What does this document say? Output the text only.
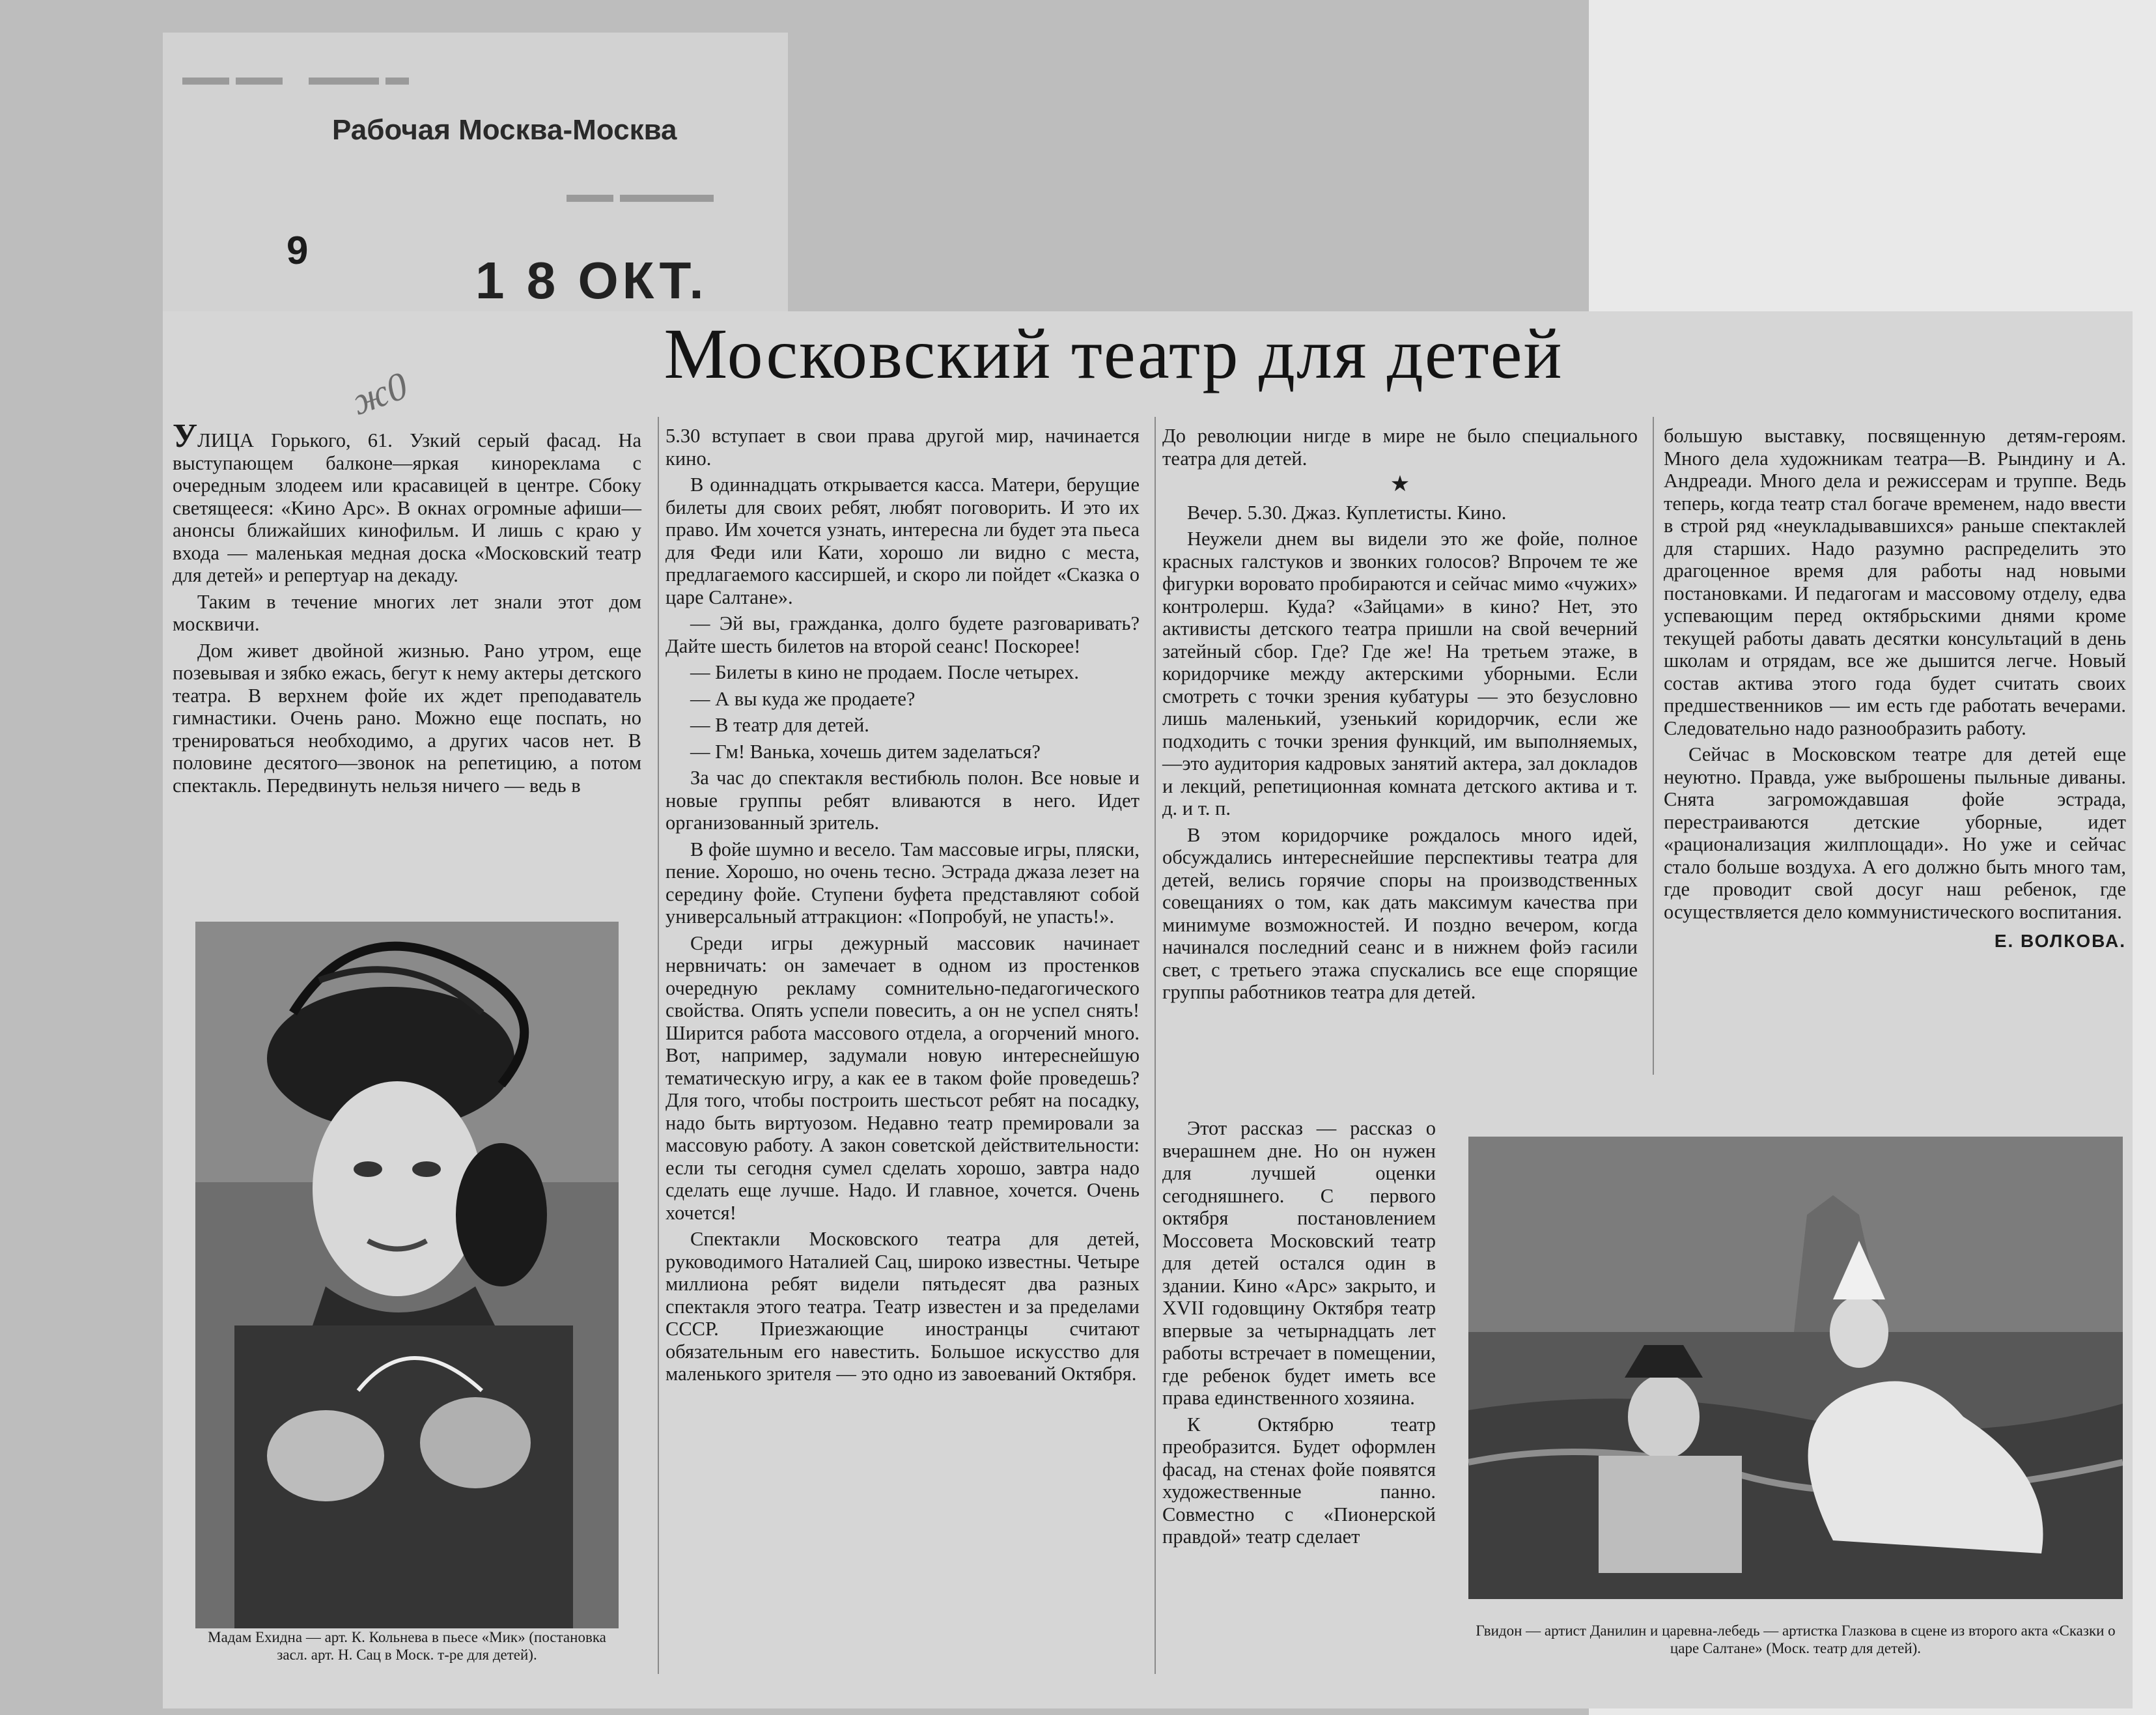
▬▬ ▬▬    ▬▬▬ ▬
▬▬ ▬▬▬▬
Рабочая Москва-Москва
9
1 8 ОКТ.
ж0
Московский театр для детей

УЛИЦА Горького, 61. Узкий серый фасад. На выступающем балконе—яркая кинореклама с очередным злодеем или красавицей в центре. Сбоку светящееся: «Кино Арс». В окнах огромные афиши—анонсы ближайших кинофильм. И лишь с краю у входа — маленькая медная доска «Московский театр для детей» и репертуар на декаду.

Таким в течение многих лет знали этот дом москвичи.

Дом живет двойной жизнью. Рано утром, еще позевывая и зябко ежась, бегут к нему актеры детского театра. В верхнем фойе их ждет преподаватель гимнастики. Очень рано. Можно еще поспать, но тренироваться необходимо, а других часов нет. В половине десятого—звонок на репетицию, а потом спектакль. Передвинуть нельзя ничего — ведь в

Мадам Ехидна — арт. К. Кольнева в пьесе «Мик» (постановка засл. арт. Н. Сац в Моск. т-ре для детей).

5.30 вступает в свои права другой мир, начинается кино.

В одиннадцать открывается касса. Матери, берущие билеты для своих ребят, любят поговорить. И это их право. Им хочется узнать, интересна ли будет эта пьеса для Феди или Кати, хорошо ли видно с места, предлагаемого кассиршей, и скоро ли пойдет «Сказка о царе Салтане».

— Эй вы, гражданка, долго будете разговаривать? Дайте шесть билетов на второй сеанс! Поскорее!

— Билеты в кино не продаем. После четырех.

— А вы куда же продаете?

— В театр для детей.

— Гм! Ванька, хочешь дитем заделаться?

За час до спектакля вестибюль полон. Все новые и новые группы ребят вливаются в него. Идет организованный зритель.

В фойе шумно и весело. Там массовые игры, пляски, пение. Хорошо, но очень тесно. Эстрада джаза лезет на середину фойе. Ступени буфета представляют собой универсальный аттракцион: «Попробуй, не упасть!».

Среди игры дежурный массовик начинает нервничать: он замечает в одном из простенков очередную рекламу сомнительно-педагогического свойства. Опять успели повесить, а он не успел снять! Ширится работа массового отдела, а огорчений много. Вот, например, задумали новую интереснейшую тематическую игру, а как ее в таком фойе проведешь? Для того, чтобы построить шестьсот ребят на посадку, надо быть виртуозом. Недавно театр премировали за массовую работу. А закон советской действительности: если ты сегодня сумел сделать хорошо, завтра надо сделать еще лучше. Надо. И главное, хочется. Очень хочется!

Спектакли Московского театра для детей, руководимого Наталией Сац, широко известны. Четыре миллиона ребят видели пятьдесят два разных спектакля этого театра. Театр известен и за пределами СССР. Приезжающие иностранцы считают обязательным его навестить. Большое искусство для маленького зрителя — это одно из завоеваний Октября.

До революции нигде в мире не было специального театра для детей.

★

Вечер. 5.30. Джаз. Куплетисты. Кино.

Неужели днем вы видели это же фойе, полное красных галстуков и звонких голосов? Впрочем те же фигурки воровато пробираются и сейчас мимо «чужих» контролерш. Куда? «Зайцами» в кино? Нет, это активисты детского театра пришли на свой вечерний затейный сбор. Где? Где же! На третьем этаже, в коридорчике между актерскими уборными. Если смотреть с точки зрения кубатуры — это безусловно лишь маленький, узенький коридорчик, если же подходить с точки зрения функций, им выполняемых,—это аудитория кадровых занятий актера, зал докладов и лекций, репетиционная комната детского актива и т. д. и т. п.

В этом коридорчике рождалось много идей, обсуждались интереснейшие перспективы театра для детей, велись горячие споры на производственных совещаниях о том, как дать максимум качества при минимуме возможностей. И поздно вечером, когда начинался последний сеанс и в нижнем фойэ гасили свет, с третьего этажа спускались все еще спорящие группы работников театра для детей.

Этот рассказ — рассказ о вчерашнем дне. Но он нужен для лучшей оценки сегодняшнего. С первого октября постановлением Моссовета Московский театр для детей остался один в здании. Кино «Арс» закрыто, и XVII годовщину Октября театр впервые за четырнадцать лет работы встречает в помещении, где ребенок будет иметь все права единственного хозяина.

К Октябрю театр преобразится. Будет оформлен фасад, на стенах фойе появятся художественные панно. Совместно с «Пионерской правдой» театр сделает

большую выставку, посвященную детям-героям. Много дела художникам театра—В. Рындину и А. Андреади. Много дела и режиссерам и труппе. Ведь теперь, когда театр стал богаче временем, надо ввести в строй ряд «неукладывавшихся» раньше спектаклей для старших. Надо разумно распределить это драгоценное время для работы над новыми постановками. И педагогам и массовому отделу, едва успевающим перед октябрьскими днями кроме текущей работы давать десятки консультаций в день школам и отрядам, все же дышится легче. Новый состав актива этого года будет считать своих предшественников — им есть где работать вечерами. Следовательно надо разнообразить работу.

Сейчас в Московском театре для детей еще неуютно. Правда, уже выброшены пыльные диваны. Снята загромождавшая фойе эстрада, перестраиваются детские уборные, идет «рационализация жилплощади». Но уже и сейчас стало больше воздуха. А его должно быть много там, где проводит свой досуг наш ребенок, где осуществляется дело коммунистического воспитания.

Е. ВОЛКОВА.
Гвидон — артист Данилин и царевна-лебедь — артистка Глазкова в сцене из второго акта «Сказки о царе Салтане» (Моск. театр для детей).
